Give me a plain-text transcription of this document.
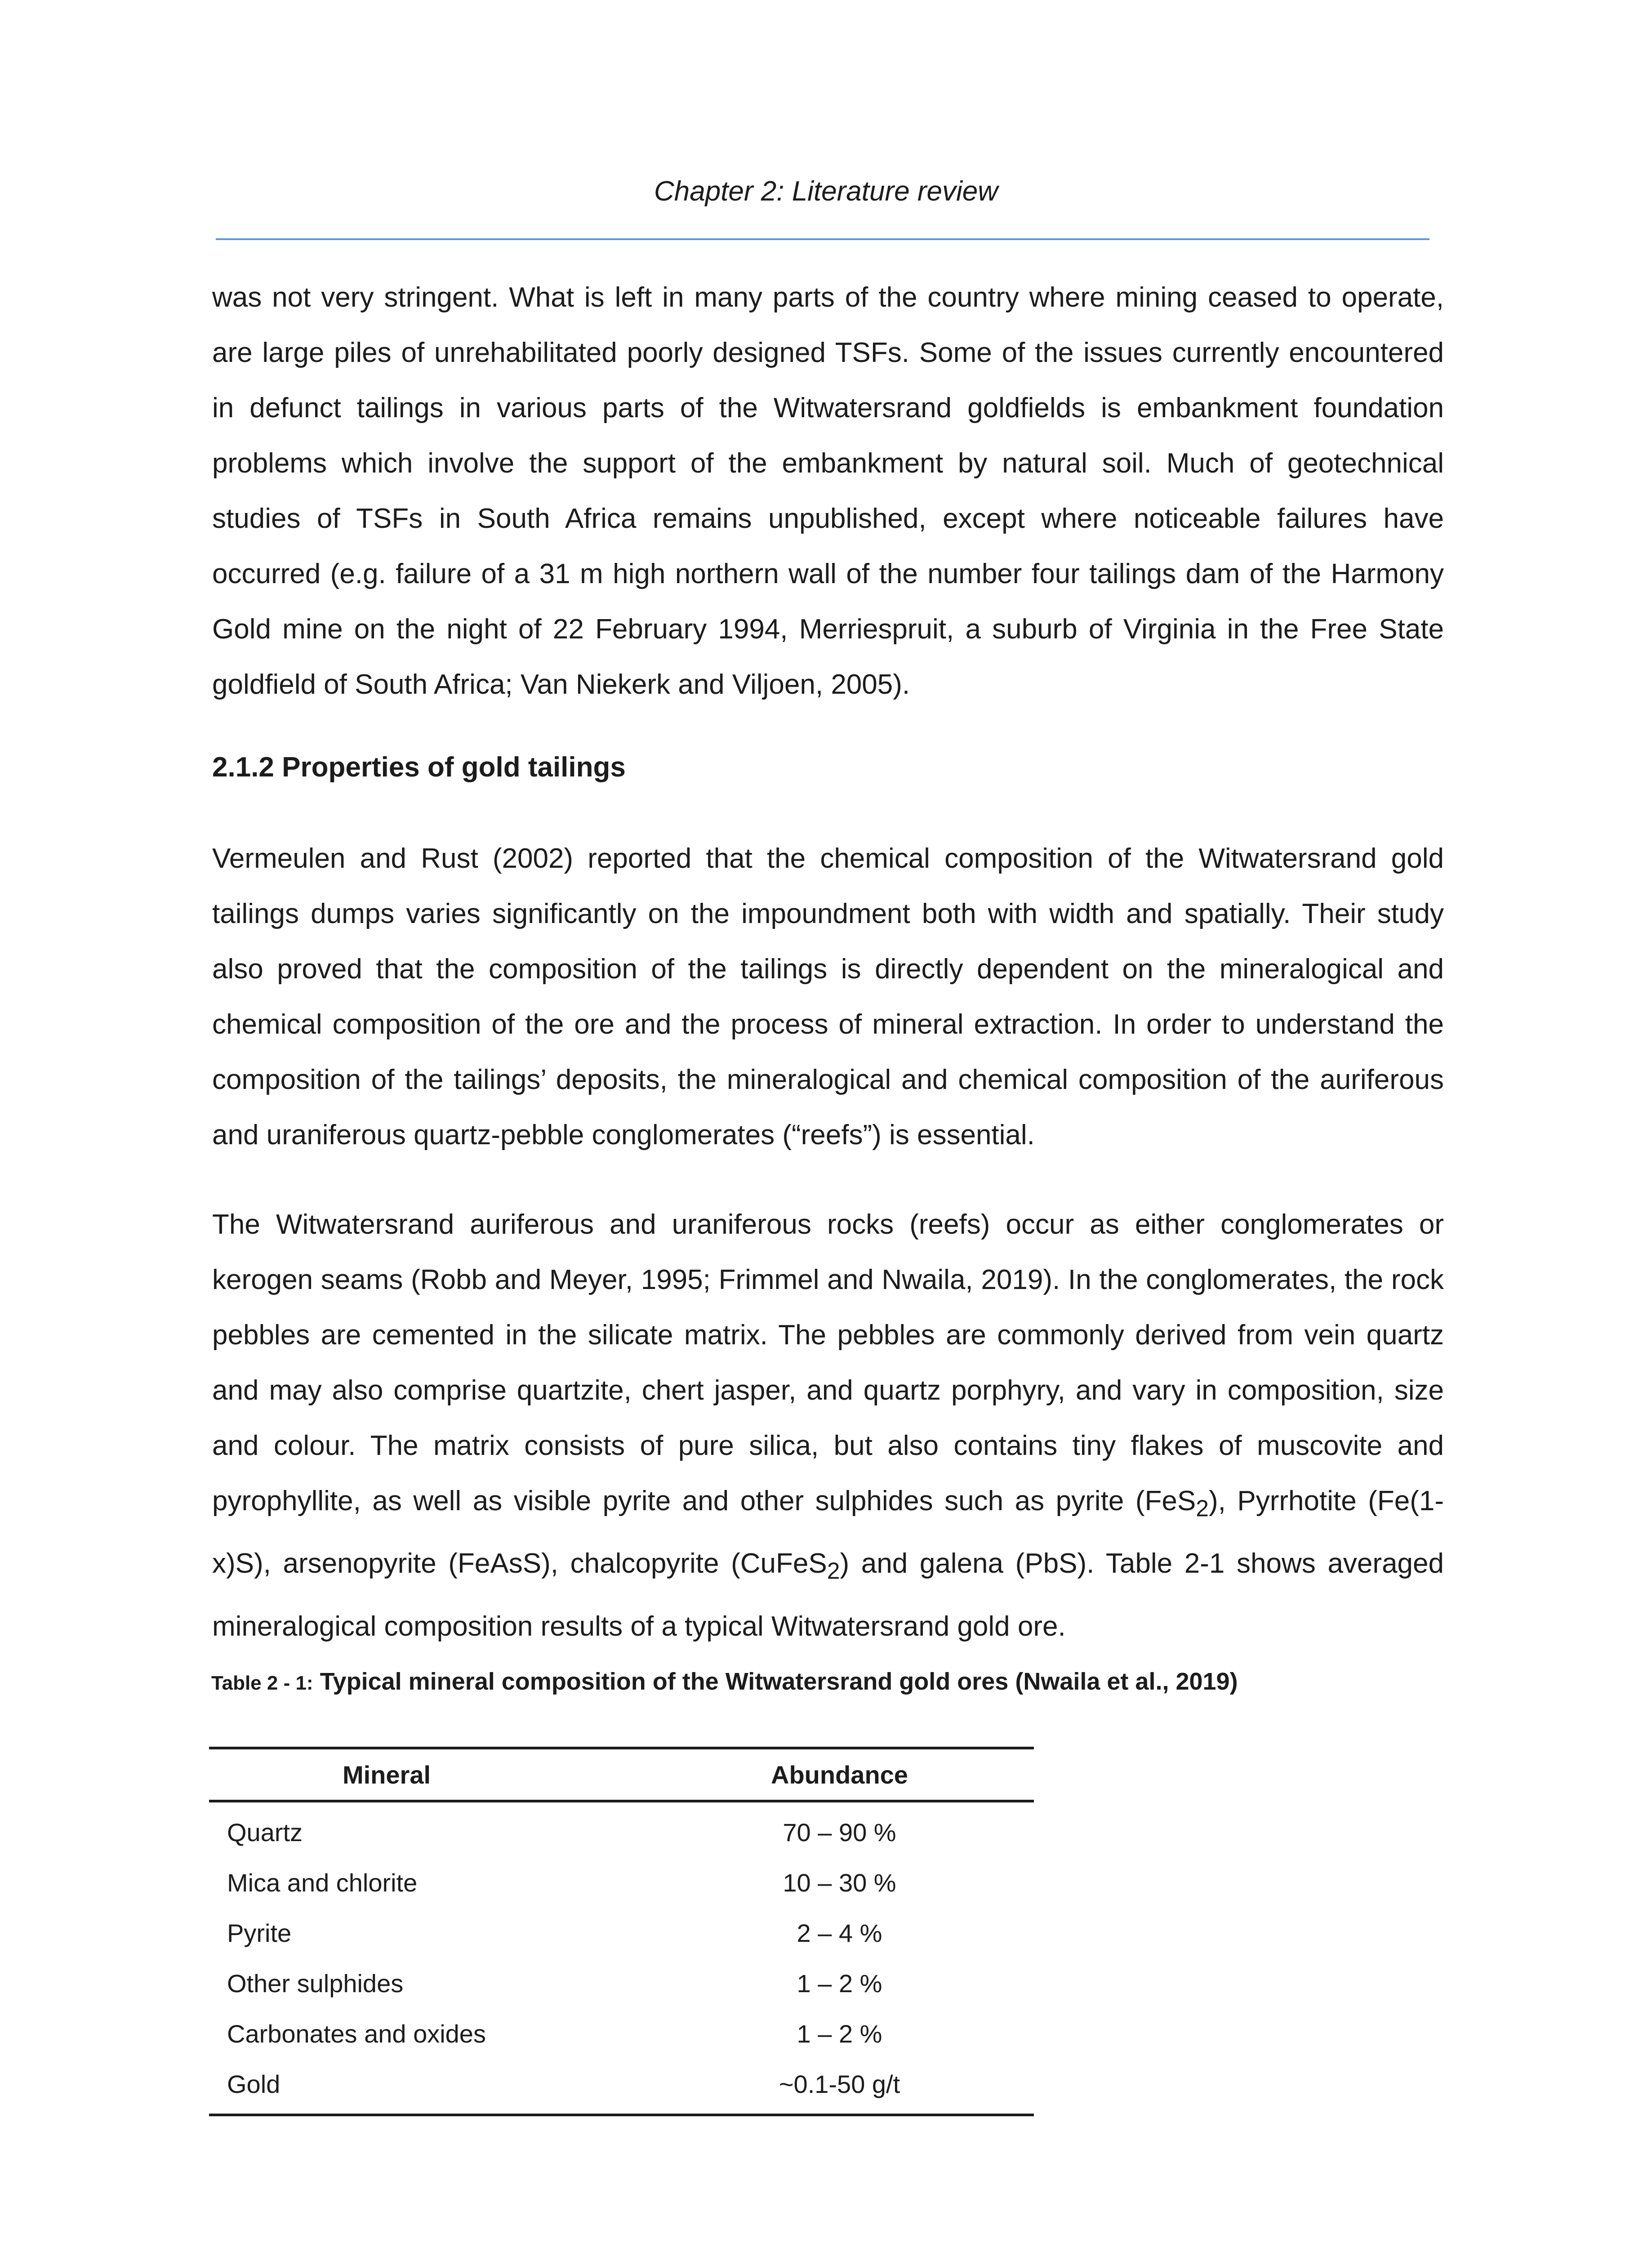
Chapter 2: Literature review

was not very stringent. What is left in many parts of the country where mining ceased to operate, are large piles of unrehabilitated poorly designed TSFs. Some of the issues currently encountered in defunct tailings in various parts of the Witwatersrand goldfields is embankment foundation problems which involve the support of the embankment by natural soil. Much of geotechnical studies of TSFs in South Africa remains unpublished, except where noticeable failures have occurred (e.g. failure of a 31 m high northern wall of the number four tailings dam of the Harmony Gold mine on the night of 22 February 1994, Merriespruit, a suburb of Virginia in the Free State goldfield of South Africa; Van Niekerk and Viljoen, 2005).

2.1.2 Properties of gold tailings

Vermeulen and Rust (2002) reported that the chemical composition of the Witwatersrand gold tailings dumps varies significantly on the impoundment both with width and spatially. Their study also proved that the composition of the tailings is directly dependent on the mineralogical and chemical composition of the ore and the process of mineral extraction. In order to understand the composition of the tailings’ deposits, the mineralogical and chemical composition of the auriferous and uraniferous quartz-pebble conglomerates (“reefs”) is essential.

The Witwatersrand auriferous and uraniferous rocks (reefs) occur as either conglomerates or kerogen seams (Robb and Meyer, 1995; Frimmel and Nwaila, 2019). In the conglomerates, the rock pebbles are cemented in the silicate matrix. The pebbles are commonly derived from vein quartz and may also comprise quartzite, chert jasper, and quartz porphyry, and vary in composition, size and colour. The matrix consists of pure silica, but also contains tiny flakes of muscovite and pyrophyllite, as well as visible pyrite and other sulphides such as pyrite (FeS$_2$), Pyrrhotite (Fe(1-x)S), arsenopyrite (FeAsS), chalcopyrite (CuFeS$_2$) and galena (PbS). Table 2-1 shows averaged mineralogical composition results of a typical Witwatersrand gold ore.

Table 2 - 1: Typical mineral composition of the Witwatersrand gold ores (Nwaila et al., 2019)
Mineral	Abundance
Quartz	70 – 90 %
Mica and chlorite	10 – 30 %
Pyrite	2 – 4 %
Other sulphides	1 – 2 %
Carbonates and oxides	1 – 2 %
Gold	~0.1-50 g/t
